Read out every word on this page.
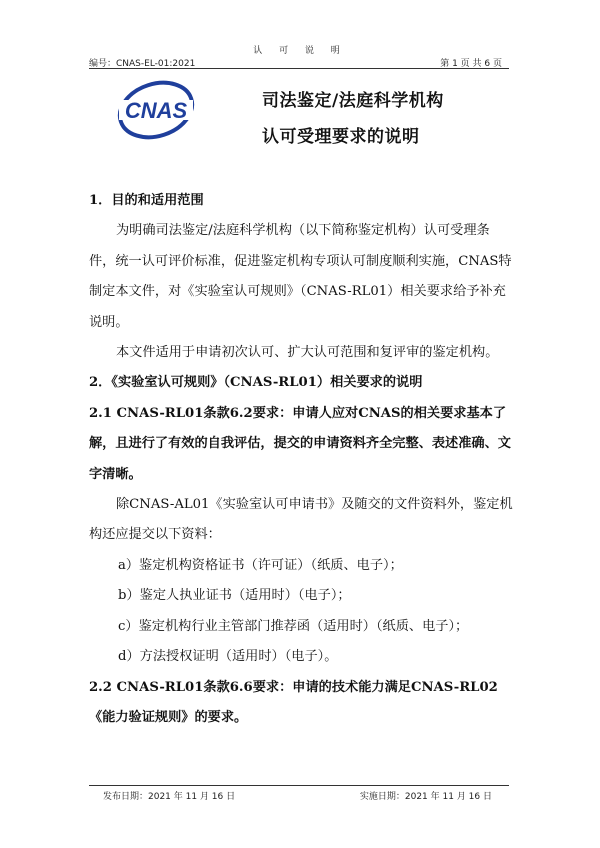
认 可 说 明
编号：CNAS-EL-01:2021	第 1 页 共 6 页
CNAS	司法鉴定/法庭科学机构
认可受理要求的说明

1．目的和适用范围

为明确司法鉴定/法庭科学机构（以下简称鉴定机构）认可受理条件，统一认可评价标准，促进鉴定机构专项认可制度顺利实施，CNAS特制定本文件，对《实验室认可规则》（CNAS-RL01）相关要求给予补充说明。

本文件适用于申请初次认可、扩大认可范围和复评审的鉴定机构。

2．《实验室认可规则》（CNAS-RL01）相关要求的说明

2.1 CNAS-RL01条款6.2要求：申请人应对CNAS的相关要求基本了解，且进行了有效的自我评估，提交的申请资料齐全完整、表述准确、文字清晰。

除CNAS-AL01《实验室认可申请书》及随交的文件资料外，鉴定机构还应提交以下资料：

a）鉴定机构资格证书（许可证）（纸质、电子）；

b）鉴定人执业证书（适用时）（电子）；

c）鉴定机构行业主管部门推荐函（适用时）（纸质、电子）；

d）方法授权证明（适用时）（电子）。

2.2 CNAS-RL01条款6.6要求：申请的技术能力满足CNAS-RL02《能力验证规则》的要求。

发布日期：2021 年 11 月 16 日	实施日期：2021 年 11 月 16 日
